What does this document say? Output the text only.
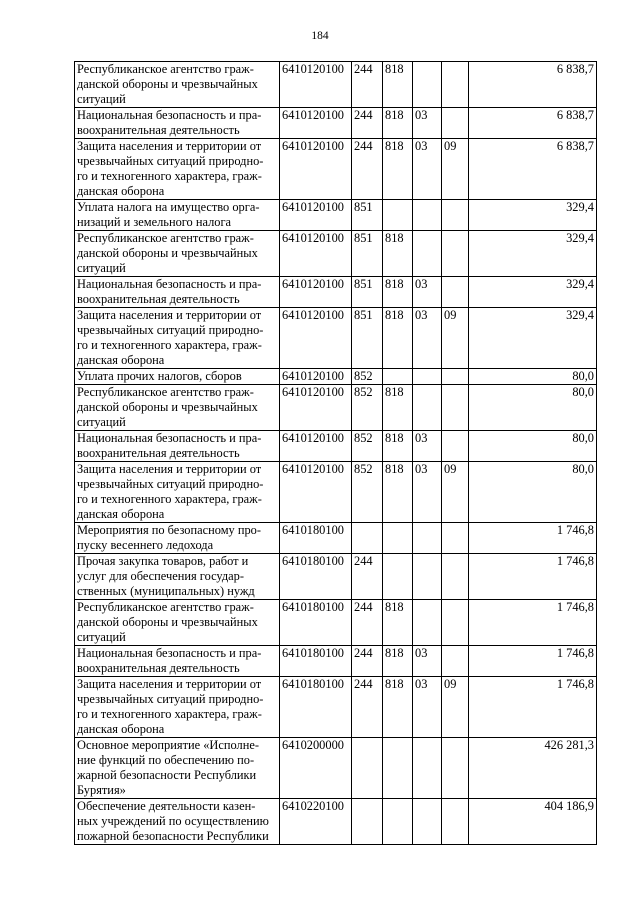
184
Республиканское агентство граж-
данской обороны и чрезвычайных
ситуаций	6410120100	244	818			6 838,7

Национальная безопасность и пра-
воохранительная деятельность	6410120100	244	818	03		6 838,7

Защита населения и территории от
чрезвычайных ситуаций природно-
го и техногенного характера, граж-
данская оборона	6410120100	244	818	03	09	6 838,7

Уплата налога на имущество орга-
низаций и земельного налога	6410120100	851				329,4

Республиканское агентство граж-
данской обороны и чрезвычайных
ситуаций	6410120100	851	818			329,4

Национальная безопасность и пра-
воохранительная деятельность	6410120100	851	818	03		329,4

Защита населения и территории от
чрезвычайных ситуаций природно-
го и техногенного характера, граж-
данская оборона	6410120100	851	818	03	09	329,4

Уплата прочих налогов, сборов	6410120100	852				80,0

Республиканское агентство граж-
данской обороны и чрезвычайных
ситуаций	6410120100	852	818			80,0

Национальная безопасность и пра-
воохранительная деятельность	6410120100	852	818	03		80,0

Защита населения и территории от
чрезвычайных ситуаций природно-
го и техногенного характера, граж-
данская оборона	6410120100	852	818	03	09	80,0

Мероприятия по безопасному про-
пуску весеннего ледохода	6410180100					1 746,8

Прочая закупка товаров, работ и
услуг для обеспечения государ-
ственных (муниципальных) нужд	6410180100	244				1 746,8

Республиканское агентство граж-
данской обороны и чрезвычайных
ситуаций	6410180100	244	818			1 746,8

Национальная безопасность и пра-
воохранительная деятельность	6410180100	244	818	03		1 746,8

Защита населения и территории от
чрезвычайных ситуаций природно-
го и техногенного характера, граж-
данская оборона	6410180100	244	818	03	09	1 746,8

Основное мероприятие «Исполне-
ние функций по обеспечению по-
жарной безопасности Республики
Бурятия»	6410200000					426 281,3

Обеспечение деятельности казен-
ных учреждений по осуществлению
пожарной безопасности Республики	6410220100					404 186,9
